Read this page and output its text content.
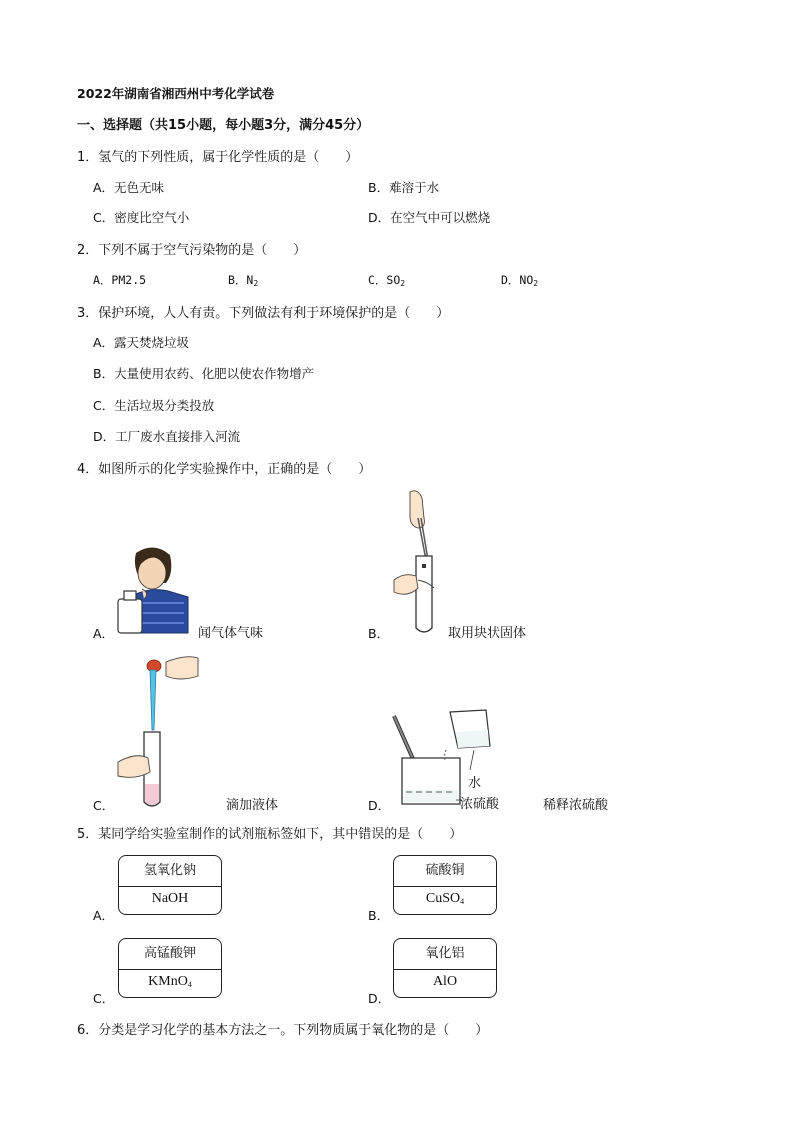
2022年湖南省湘西州中考化学试卷
一、选择题（共15小题，每小题3分，满分45分）
1．氢气的下列性质，属于化学性质的是（　　）
A．无色无味	B．难溶于水
C．密度比空气小	D．在空气中可以燃烧
2．下列不属于空气污染物的是（　　）
A．PM2.5	B．$N_2$	C．$SO_2$	D．$NO_2$
3．保护环境，人人有责。下列做法有利于环境保护的是（　　）
A．露天焚烧垃圾
B．大量使用农药、化肥以使农作物增产
C．生活垃圾分类投放
D．工厂废水直接排入河流
4．如图所示的化学实验操作中，正确的是（　　）
A．	闻气体气味	B．	取用块状固体
C．	滴加液体	D．
水
浓硫酸	稀释浓硫酸
5．某同学给实验室制作的试剂瓶标签如下，其中错误的是（　　）
氢氧化钠
NaOH
A．
硫酸铜
CuSO$_4$
B．
高锰酸钾
KMnO$_4$
C．
氧化铝
AlO
D．
6．分类是学习化学的基本方法之一。下列物质属于氧化物的是（　　）
